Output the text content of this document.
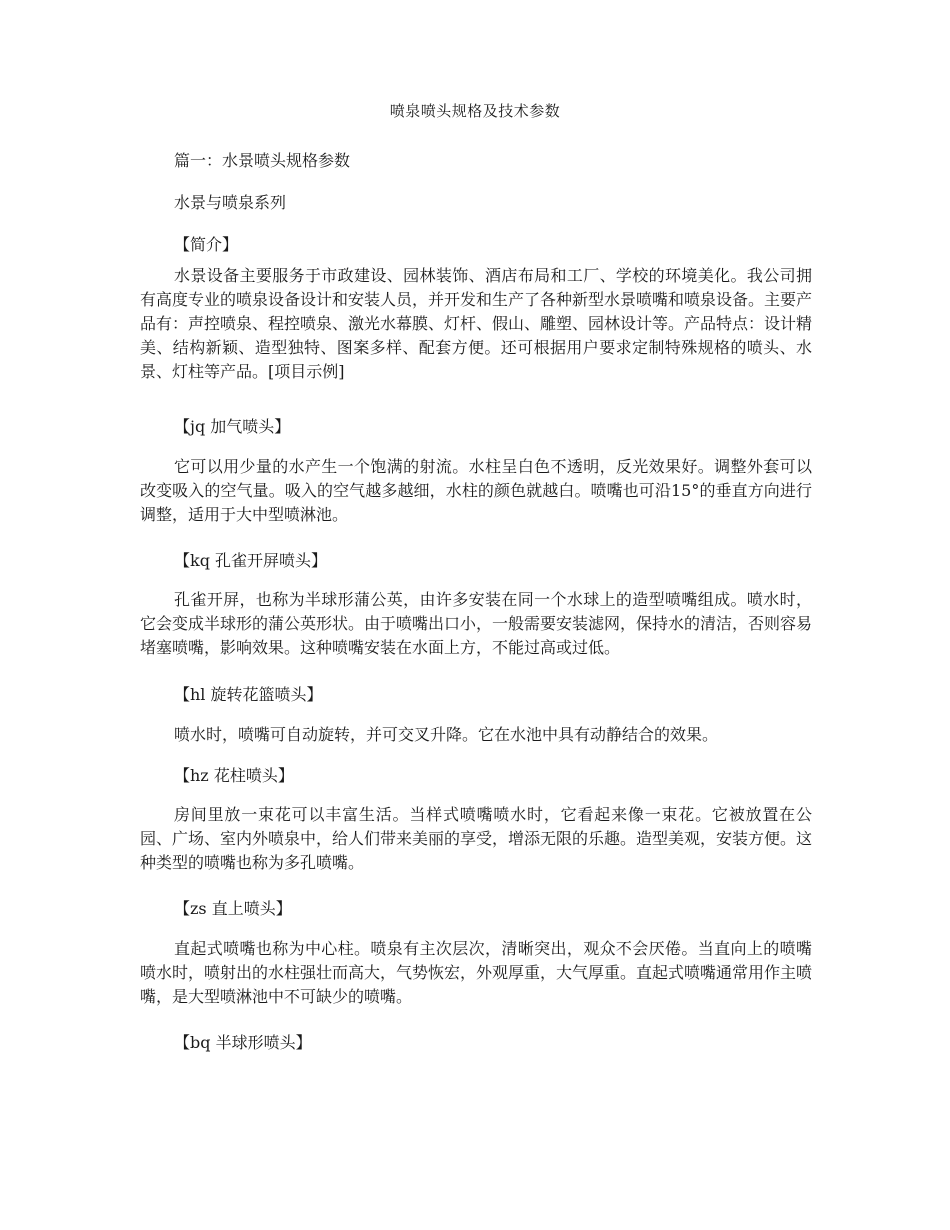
喷泉喷头规格及技术参数

篇一：水景喷头规格参数

水景与喷泉系列

【简介】

水景设备主要服务于市政建设、园林装饰、酒店布局和工厂、学校的环境美化。我公司拥有高度专业的喷泉设备设计和安装人员，并开发和生产了各种新型水景喷嘴和喷泉设备。主要产品有：声控喷泉、程控喷泉、激光水幕膜、灯杆、假山、雕塑、园林设计等。产品特点：设计精美、结构新颖、造型独特、图案多样、配套方便。还可根据用户要求定制特殊规格的喷头、水景、灯柱等产品。[项目示例]

【jq 加气喷头】

它可以用少量的水产生一个饱满的射流。水柱呈白色不透明，反光效果好。调整外套可以改变吸入的空气量。吸入的空气越多越细，水柱的颜色就越白。喷嘴也可沿15°的垂直方向进行调整，适用于大中型喷淋池。

【kq 孔雀开屏喷头】

孔雀开屏，也称为半球形蒲公英，由许多安装在同一个水球上的造型喷嘴组成。喷水时，它会变成半球形的蒲公英形状。由于喷嘴出口小，一般需要安装滤网，保持水的清洁，否则容易堵塞喷嘴，影响效果。这种喷嘴安装在水面上方，不能过高或过低。

【hl 旋转花篮喷头】

喷水时，喷嘴可自动旋转，并可交叉升降。它在水池中具有动静结合的效果。

【hz 花柱喷头】

房间里放一束花可以丰富生活。当样式喷嘴喷水时，它看起来像一束花。它被放置在公园、广场、室内外喷泉中，给人们带来美丽的享受，增添无限的乐趣。造型美观，安装方便。这种类型的喷嘴也称为多孔喷嘴。

【zs 直上喷头】

直起式喷嘴也称为中心柱。喷泉有主次层次，清晰突出，观众不会厌倦。当直向上的喷嘴喷水时，喷射出的水柱强壮而高大，气势恢宏，外观厚重，大气厚重。直起式喷嘴通常用作主喷嘴，是大型喷淋池中不可缺少的喷嘴。

【bq 半球形喷头】
